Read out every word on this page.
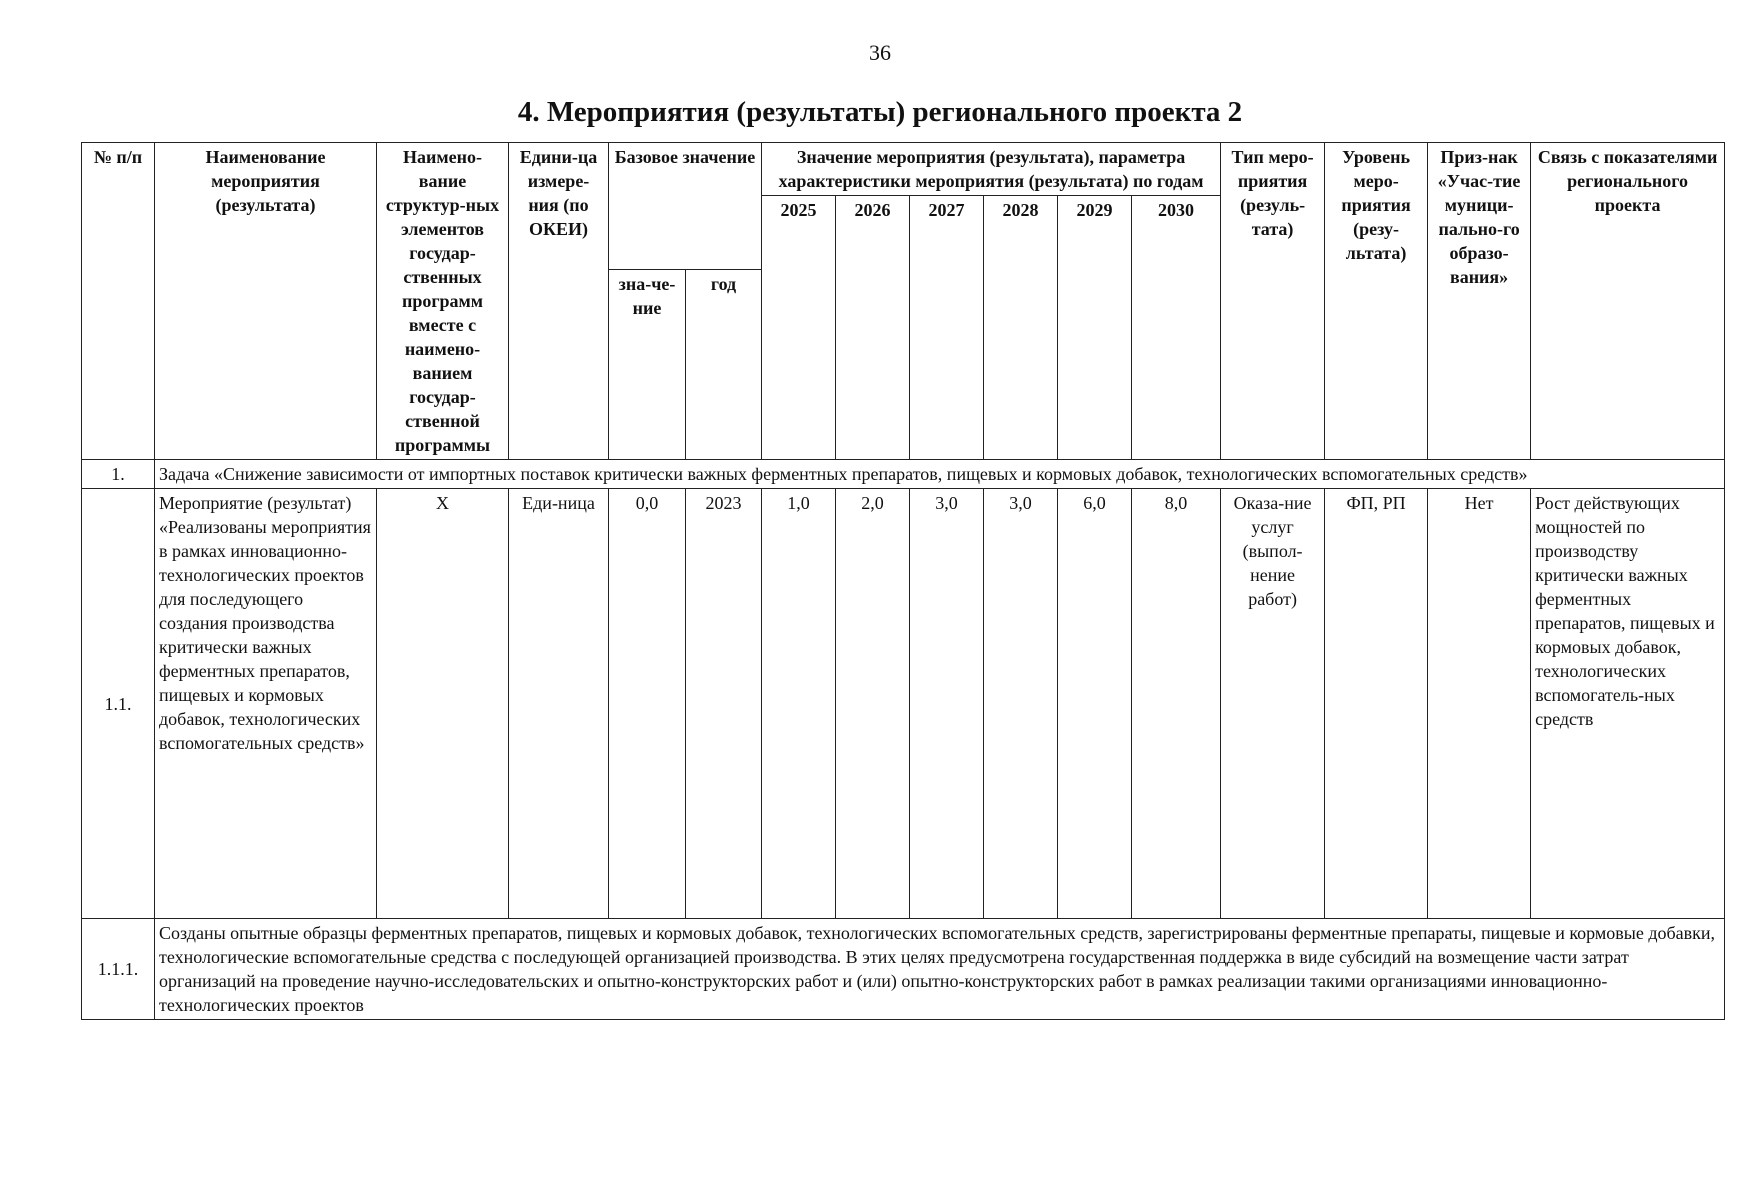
36
4. Мероприятия (результаты) регионального проекта 2
№ п/п	Наименование мероприятия (результата)	Наимено-вание структур-ных элементов государ-ственных программ вместе с наимено-ванием государ-ственной программы	Едини-ца измере-ния (по ОКЕИ)	Базовое значение		Значение мероприятия (результата), параметра характеристики мероприятия (результата) по годам						Тип меро-приятия (резуль-тата)	Уровень меро-приятия (резу-льтата)	Приз-нак «Учас-тие муници-пально-го образо-вания»	Связь с показателями регионального проекта
						2025	2026	2027	2028	2029	2030				
				зна-че-ние	год										
1.	Задача «Снижение зависимости от импортных поставок критически важных ферментных препаратов, пищевых и кормовых добавок, технологических вспомогательных средств»														
1.1.	Мероприятие (результат) «Реализованы мероприятия в рамках инновационно-технологических проектов для последующего создания производства критически важных ферментных препаратов, пищевых и кормовых добавок, технологических вспомогательных средств»	Х	Еди-ница	0,0	2023	1,0	2,0	3,0	3,0	6,0	8,0	Оказа-ние услуг (выпол-нение работ)	ФП, РП	Нет	Рост действующих мощностей по производству критически важных ферментных препаратов, пищевых и кормовых добавок, технологических вспомогатель-ных средств
1.1.1.	Созданы опытные образцы ферментных препаратов, пищевых и кормовых добавок, технологических вспомогательных средств, зарегистрированы ферментные препараты, пищевые и кормовые добавки, технологические вспомогательные средства с последующей организацией производства. В этих целях предусмотрена государственная поддержка в виде субсидий на возмещение части затрат организаций на проведение научно-исследовательских и опытно-конструкторских работ и (или) опытно-конструкторских работ в рамках реализации такими организациями инновационно-технологических проектов														
